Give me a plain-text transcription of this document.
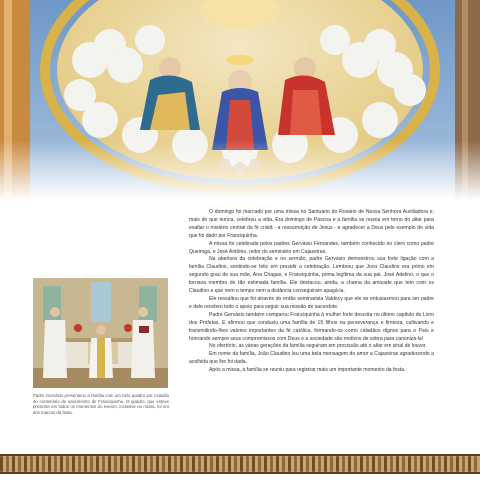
O domingo foi marcado por uma missa no Santuário do Rosário de Nossa Senhora Auxiliadora e, mais do que nunca, celebrou a vida. Era domingo de Páscoa e a família se reunia em torno do altar para exaltar o mistério central da fé cristã - a ressurreição de Jesus - e agradecer a Deus pelo exemplo de vida que foi dado por Franciquinha.

A missa foi celebrada pelos padres Gervásio Fernandes, também conhecido no clero como padre Queiroga, e José Antônio, reitor do seminário em Cajazeiras.

Na abertura da celebração e no sermão, padre Gervásio demonstrou sua forte ligação com a família Claudino, sentindo-se feliz em presidir a celebração. Lembrou que Joca Claudino era primo em segundo grau de sua mãe, Ana Chagas, e Franciquinha, prima legítima da sua pai, José Adelino, o que o tornava membro de tão estimada família. Ele destacou, ainda, a chama da amizade que tem com os Claudino e que nem o tempo nem a distância conseguiram apagá-la.

Ele ressaltou que foi através do então seminarista Valdecy que ele se entusiasmou para ser padre e dele recebeu todo o apoio para seguir sua missão de sacerdote.

Padre Gervásio também comparou Franciquinha à mulher forte descrita no último capítulo do Livro dos Profetas. E afirmou que conduziu uma família de 15 filhos na perseverança e firmeza, cultivando e transmitindo-lhes valores importantes da fé católica, formando-os como cidadãos dignos para o País e honrando sempre seus compromissos com Deus e a sociedade são motivos de sobra para canonizá-la!

No ofertório, as várias gerações da família seguiram em procissão até o altar em sinal de louvor.

Em nome da família, João Claudino leu uma bela mensagem do amor a Cajazeiras agradecendo a acolhida que lhe foi dada.

Após a missa, a família se reuniu para registrar mais um importante momento da festa.

Padre Gervásio presenteou a família com um belo quadro por ocasião do centenário de nascimento de Franciquinha. O quadro, que esteve presente em todos os momentos do evento, inclusive na missa, foi um dos marcos da festa.
